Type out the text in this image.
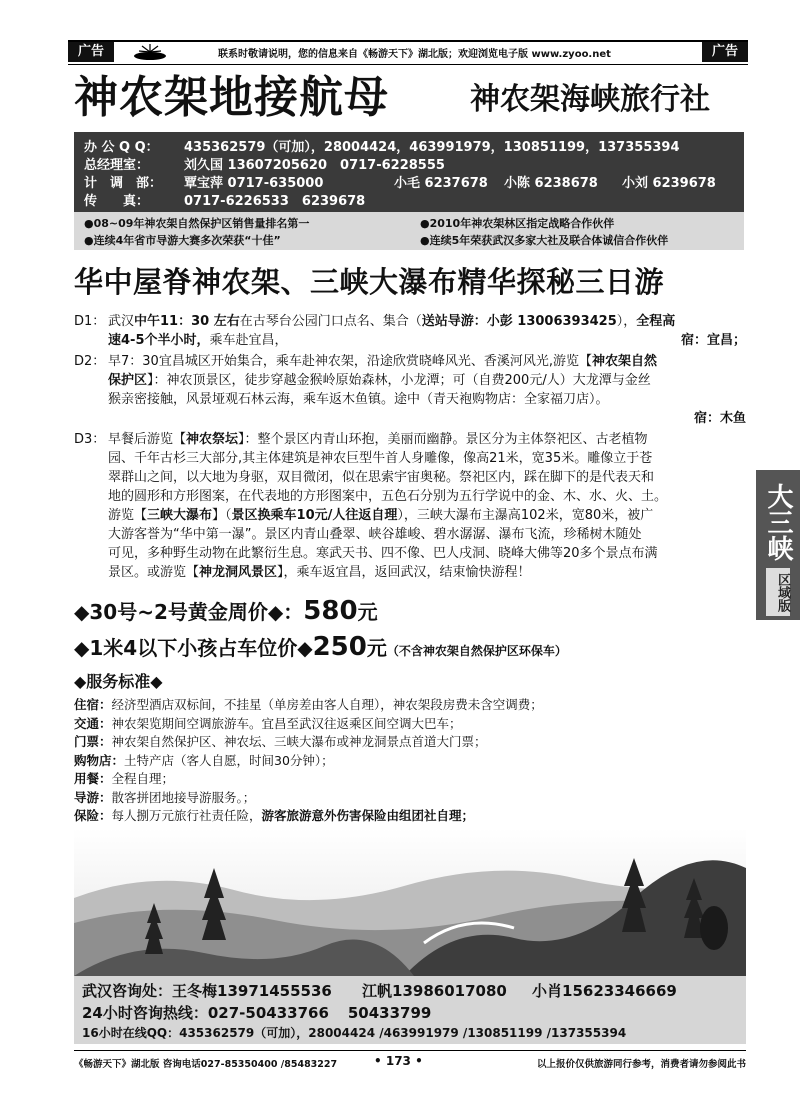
广告	联系时敬请说明，您的信息来自《畅游天下》湖北版；欢迎浏览电子版 www.zyoo.net	广告
神农架地接航母	神农架海峡旅行社
办 公 Q Q： 435362579（可加），28004424，463991979，130851199，137355394
总经理室：	刘久国 13607205620　0717-6228555
计　调　部： 覃宝萍 0717-635000	小毛 6237678 小陈 6238678 小刘 6239678
传　　真：	0717-6226533　6239678
●08~09年神农架自然保护区销售量排名第一	●2010年神农架林区指定战略合作伙伴
●连续4年省市导游大赛多次荣获“十佳”	●连续5年荣获武汉多家大社及联合体诚信合作伙伴
华中屋脊神农架、三峡大瀑布精华探秘三日游

D1： 武汉中午11：30 左右在古琴台公园门口点名、集合（送站导游：小彭 13006393425），全程高

速4-5个半小时，乘车赴宜昌，	宿：宜昌；

D2： 早7：30宜昌城区开始集合，乘车赴神农架，沿途欣赏晓峰风光、香溪河风光,游览【神农架自然

保护区】：神农顶景区，徒步穿越金猴岭原始森林，小龙潭；可（自费200元/人）大龙潭与金丝

猴亲密接触，风景垭观石林云海，乘车返木鱼镇。途中（青天袍购物店：全家福刀店）。

宿：木鱼

D3： 早餐后游览【神农祭坛】：整个景区内青山环抱，美丽而幽静。景区分为主体祭祀区、古老植物

园、千年古杉三大部分,其主体建筑是神农巨型牛首人身雕像，像高21米，宽35米。雕像立于苍

翠群山之间，以大地为身驱，双目微闭，似在思索宇宙奥秘。祭祀区内，踩在脚下的是代表天和

地的圆形和方形图案，在代表地的方形图案中，五色石分别为五行学说中的金、木、水、火、土。

游览【三峡大瀑布】（景区换乘车10元/人往返自理），三峡大瀑布主瀑高102米，宽80米，被广

大游客誉为“华中第一瀑”。景区内青山叠翠、峡谷雄峻、碧水潺潺、瀑布飞流，珍稀树木随处

可见，多种野生动物在此繁衍生息。寒武天书、四不像、巴人戌洞、晓峰大佛等20多个景点布满

景区。或游览【神龙洞风景区】，乘车返宜昌，返回武汉，结束愉快游程！

◆30号~2号黄金周价◆：580元
◆1米4以下小孩占车位价◆250元（不含神农架自然保护区环保车）
◆服务标准◆

住宿：经济型酒店双标间，不挂星（单房差由客人自理），神农架段房费未含空调费；

交通：神农架览期间空调旅游车。宜昌至武汉往返乘区间空调大巴车；

门票：神农架自然保护区、神农坛、三峡大瀑布或神龙洞景点首道大门票；

购物店：土特产店（客人自愿，时间30分钟）；

用餐：全程自理；

导游：散客拼团地接导游服务。；

保险：每人捌万元旅行社责任险，游客旅游意外伤害保险由组团社自理；

武汉咨询处：王冬梅13971455536 江帆13986017080 小肖15623346669
24小时咨询热线：027-50433766 50433799
16小时在线QQ：435362579（可加），28004424 /463991979 /130851199 /137355394
《畅游天下》湖北版 咨询电话027-85350400 /85483227	• 173 •	以上报价仅供旅游同行参考，消费者请勿参阅此书
大三峡
区域版
